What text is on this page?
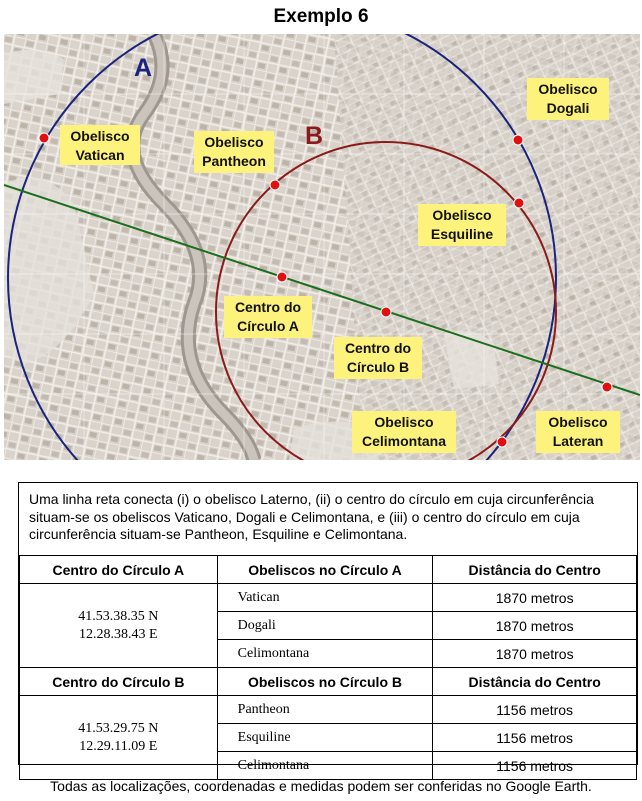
Exemplo 6
A
B
Obelisco
Vatican
Obelisco
Pantheon
Obelisco
Dogali
Obelisco
Esquiline
Centro do
Círculo A
Centro do
Círculo B
Obelisco
Celimontana
Obelisco
Lateran
Uma linha reta conecta (i) o obelisco Laterno, (ii) o centro do círculo em cuja circunferência situam-se os obeliscos Vaticano, Dogali e Celimontana, e (iii) o centro do círculo em cuja circunferência situam-se Pantheon, Esquiline e Celimontana.
Centro do Círculo A	Obeliscos no Círculo A	Distância do Centro

41.53.38.35 N
12.28.38.43 E	Vatican	1870 metros
	Dogali	1870 metros
	Celimontana	1870 metros
Centro do Círculo B	Obeliscos no Círculo B	Distância do Centro

41.53.29.75 N
12.29.11.09 E	Pantheon	1156 metros
	Esquiline	1156 metros
	Celimontana	1156 metros
Todas as localizações, coordenadas e medidas podem ser conferidas no Google Earth.
